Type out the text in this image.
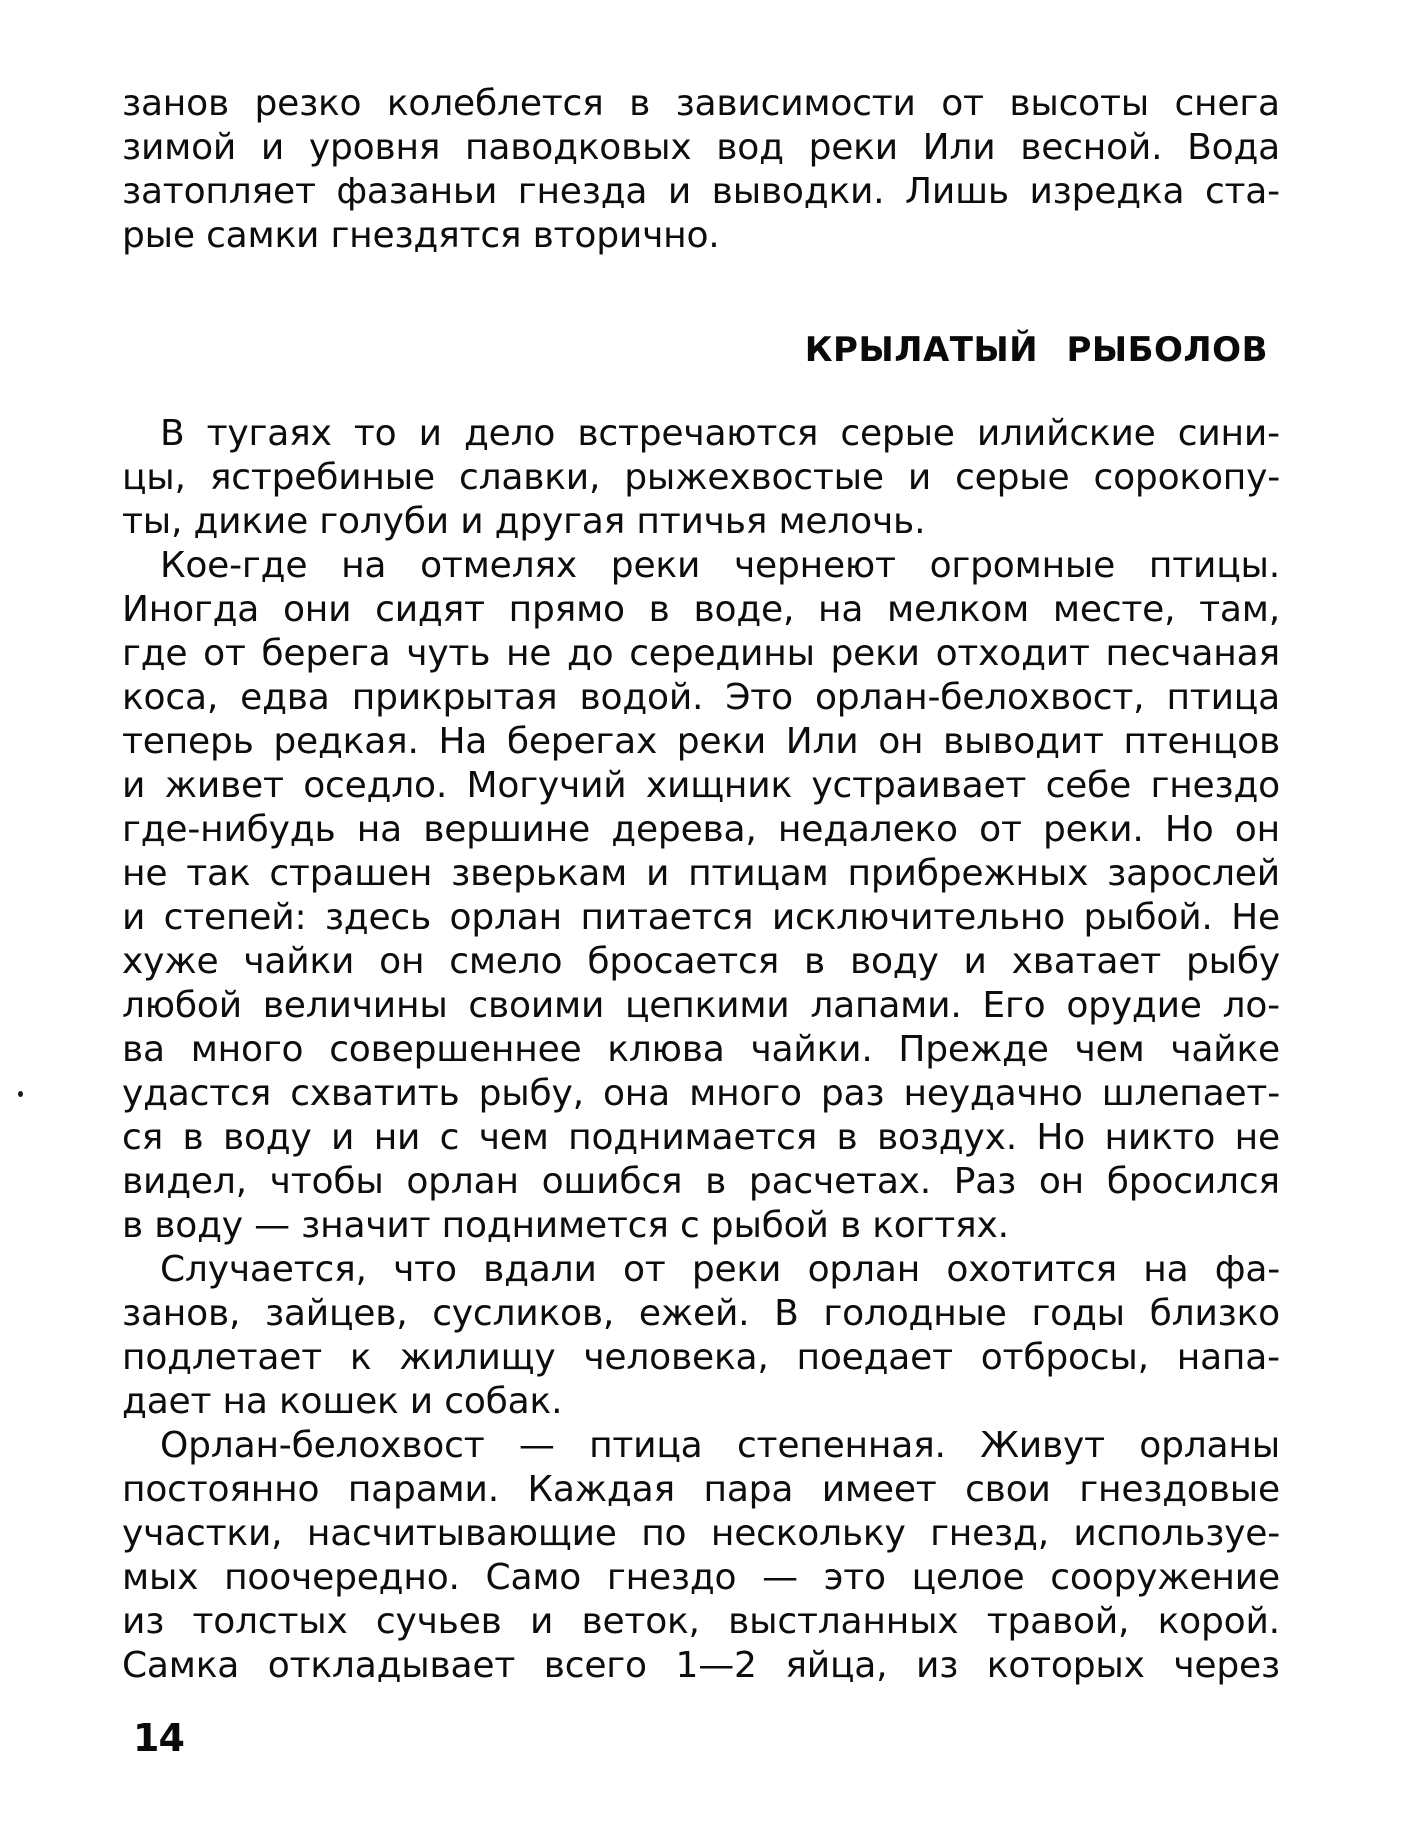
занов резко колеблется в зависимости от высоты снега
зимой и уровня паводковых вод реки Или весной. Вода
затопляет фазаньи гнезда и выводки. Лишь изредка ста-
рые самки гнездятся вторично.
КРЫЛАТЫЙ РЫБОЛОВ
В тугаях то и дело встречаются серые илийские сини-
цы, ястребиные славки, рыжехвостые и серые сорокопу-
ты, дикие голуби и другая птичья мелочь.
Кое-где на отмелях реки чернеют огромные птицы.
Иногда они сидят прямо в воде, на мелком месте, там,
где от берега чуть не до середины реки отходит песчаная
коса, едва прикрытая водой. Это орлан-белохвост, птица
теперь редкая. На берегах реки Или он выводит птенцов
и живет оседло. Могучий хищник устраивает себе гнездо
где-нибудь на вершине дерева, недалеко от реки. Но он
не так страшен зверькам и птицам прибрежных зарослей
и степей: здесь орлан питается исключительно рыбой. Не
хуже чайки он смело бросается в воду и хватает рыбу
любой величины своими цепкими лапами. Его орудие ло-
ва много совершеннее клюва чайки. Прежде чем чайке
удастся схватить рыбу, она много раз неудачно шлепает-
ся в воду и ни с чем поднимается в воздух. Но никто не
видел, чтобы орлан ошибся в расчетах. Раз он бросился
в воду — значит поднимется с рыбой в когтях.
Случается, что вдали от реки орлан охотится на фа-
занов, зайцев, сусликов, ежей. В голодные годы близко
подлетает к жилищу человека, поедает отбросы, напа-
дает на кошек и собак.
Орлан-белохвост — птица степенная. Живут орланы
постоянно парами. Каждая пара имеет свои гнездовые
участки, насчитывающие по нескольку гнезд, используе-
мых поочередно. Само гнездо — это целое сооружение
из толстых сучьев и веток, выстланных травой, корой.
Самка откладывает всего 1—2 яйца, из которых через
14
